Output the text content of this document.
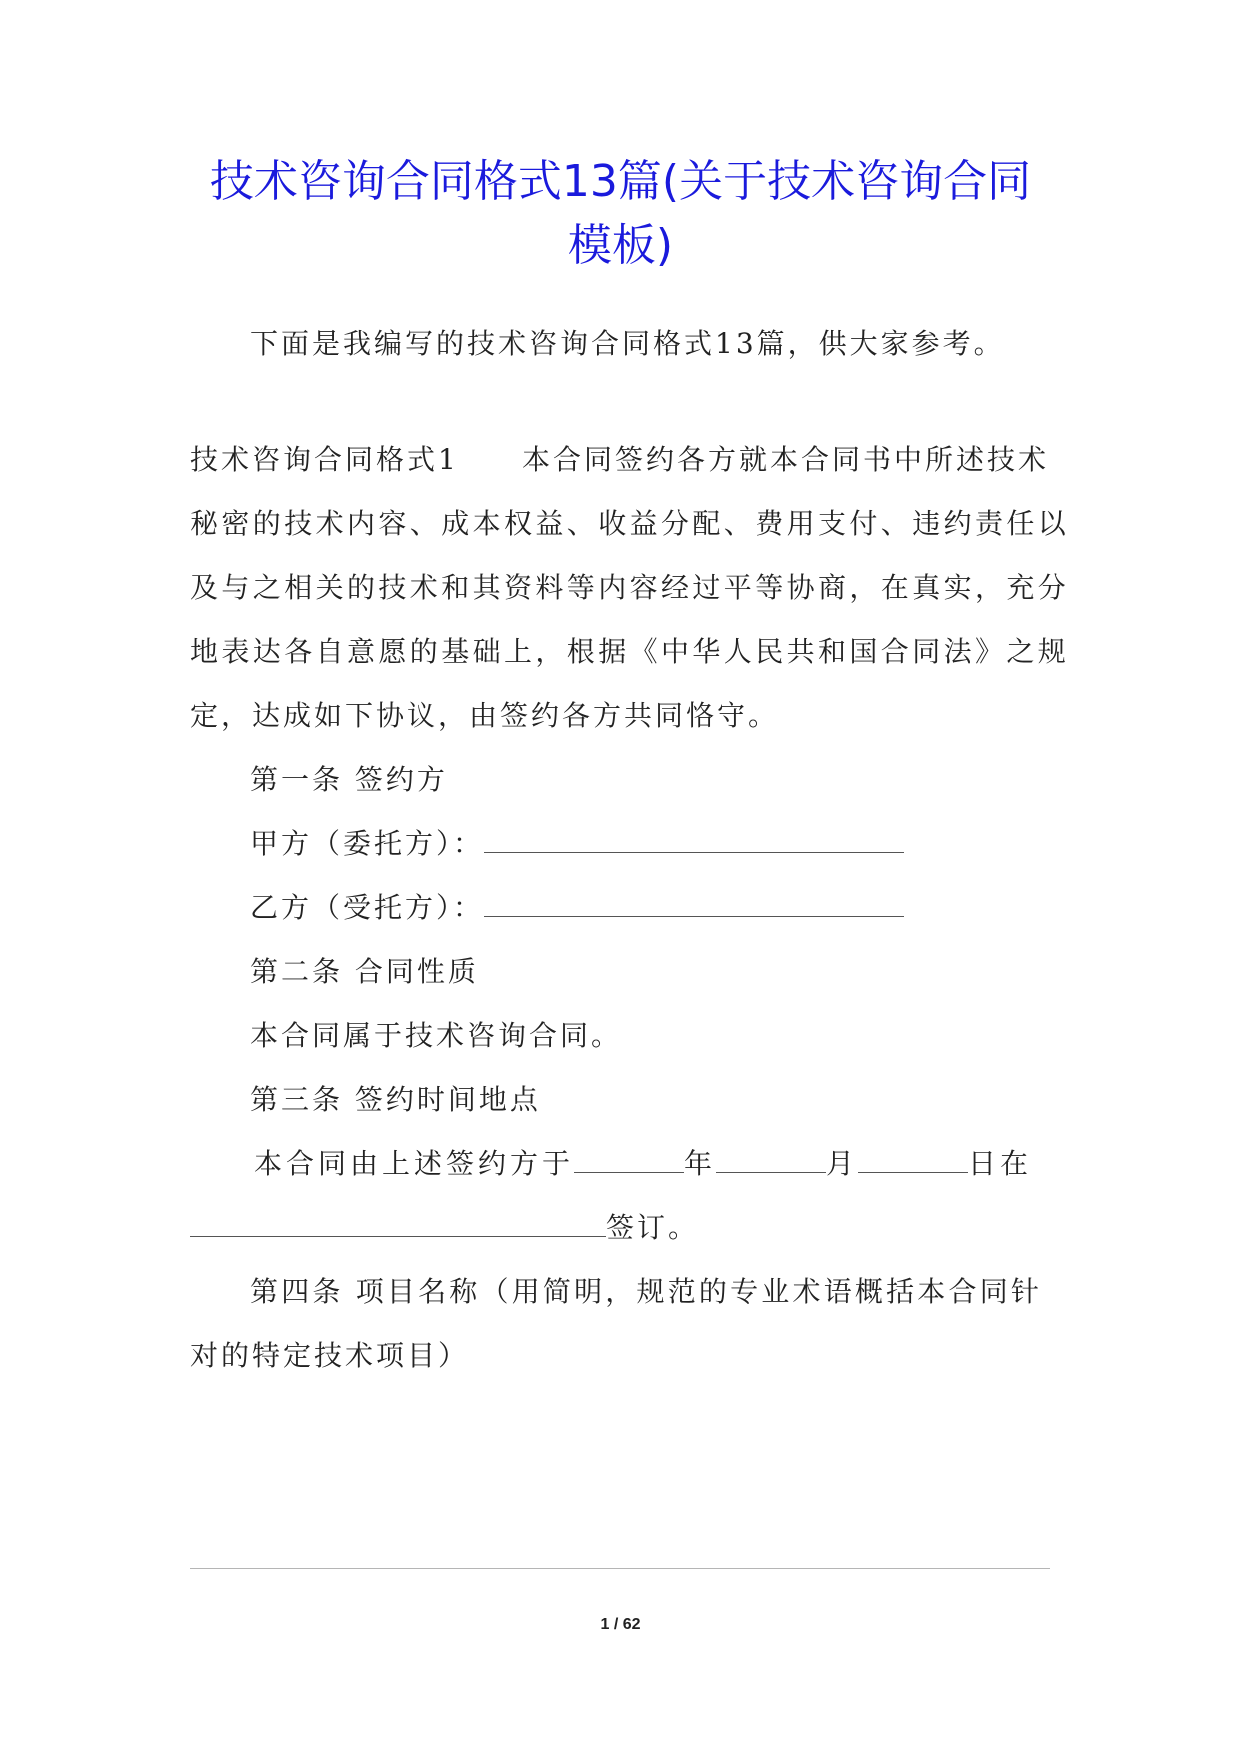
技术咨询合同格式13篇(关于技术咨询合同
模板)
下面是我编写的技术咨询合同格式13篇，供大家参考。
技术咨询合同格式1 本合同签约各方就本合同书中所述技术
秘密的技术内容、成本权益、收益分配、费用支付、违约责任以
及与之相关的技术和其资料等内容经过平等协商，在真实，充分
地表达各自意愿的基础上，根据《中华人民共和国合同法》之规
定，达成如下协议，由签约各方共同恪守。
第一条 签约方
甲方（委托方）：
乙方（受托方）：
第二条 合同性质
本合同属于技术咨询合同。
第三条 签约时间地点
本合同由上述签约方于	年	月	日在
签订。
第四条 项目名称（用简明，规范的专业术语概括本合同针
对的特定技术项目）
1 / 62
